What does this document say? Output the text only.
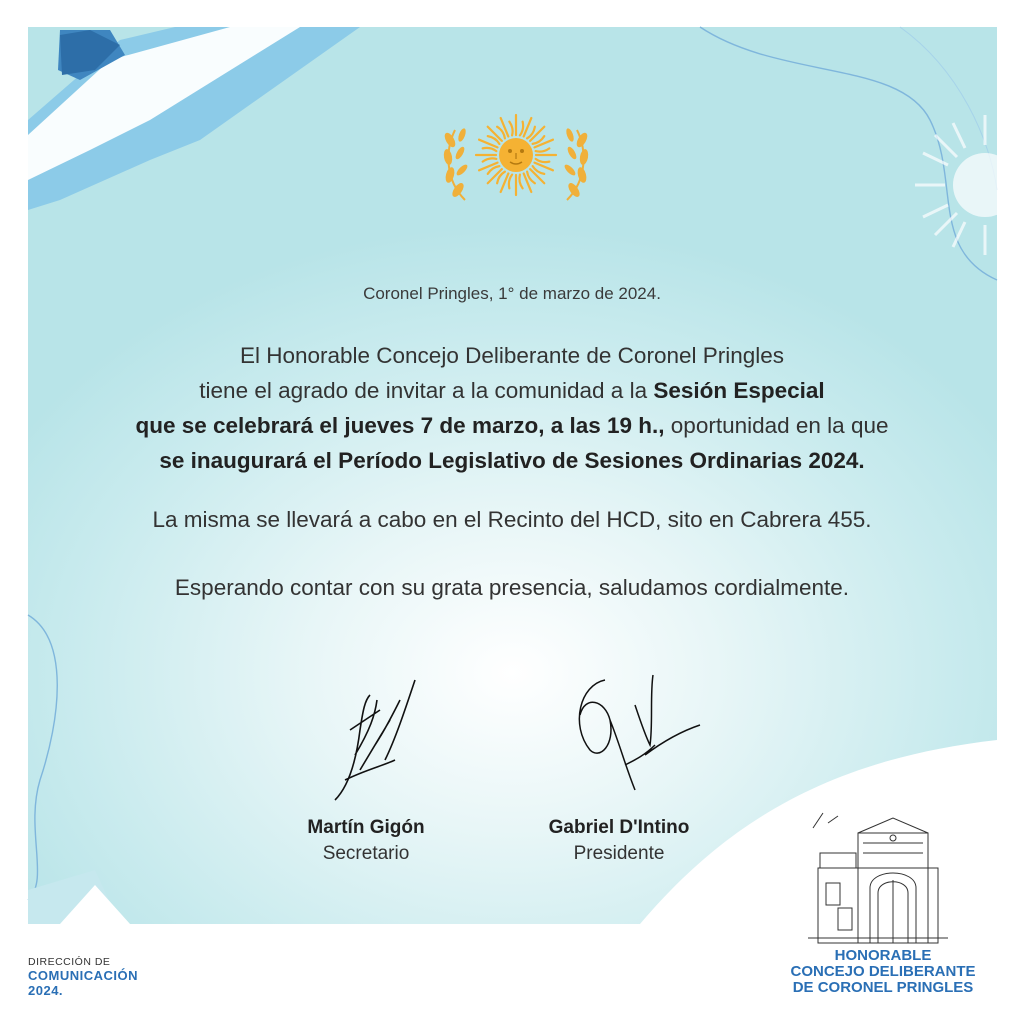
Coronel Pringles, 1° de marzo de 2024.
El Honorable Concejo Deliberante de Coronel Pringles
tiene el agrado de invitar a la comunidad a la Sesión Especial
que se celebrará el jueves 7 de marzo, a las 19 h., oportunidad en la que
se inaugurará el Período Legislativo de Sesiones Ordinarias 2024.
La misma se llevará a cabo en el Recinto del HCD, sito en Cabrera 455.
Esperando contar con su grata presencia, saludamos cordialmente.
Martín Gigón
Secretario
Gabriel D'Intino
Presidente
DIRECCIÓN DE
COMUNICACIÓN
2024.
HONORABLE
CONCEJO DELIBERANTE
DE CORONEL PRINGLES
